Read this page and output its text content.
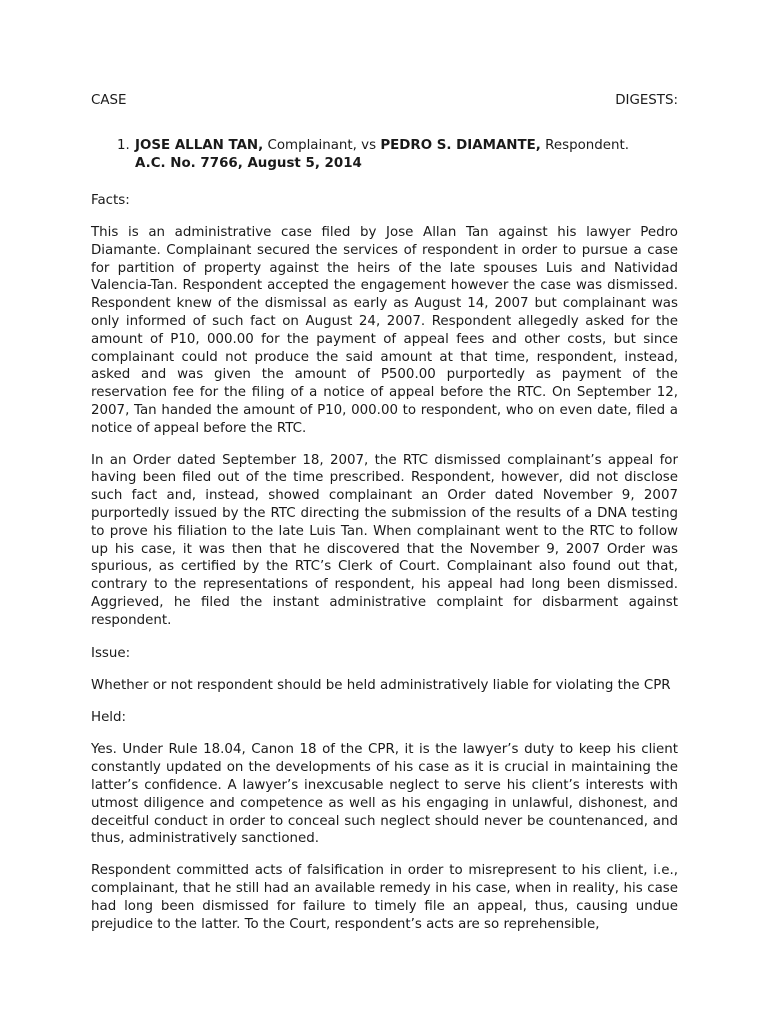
CASE	DIGESTS:
1. JOSE ALLAN TAN, Complainant, vs PEDRO S. DIAMANTE, Respondent.
A.C. No. 7766, August 5, 2014

Facts:

This is an administrative case filed by Jose Allan Tan against his lawyer Pedro Diamante. Complainant secured the services of respondent in order to pursue a case for partition of property against the heirs of the late spouses Luis and Natividad Valencia-Tan. Respondent accepted the engagement however the case was dismissed. Respondent knew of the dismissal as early as August 14, 2007 but complainant was only informed of such fact on August 24, 2007. Respondent allegedly asked for the amount of P10, 000.00 for the payment of appeal fees and other costs, but since complainant could not produce the said amount at that time, respondent, instead, asked and was given the amount of P500.00 purportedly as payment of the reservation fee for the filing of a notice of appeal before the RTC. On September 12, 2007, Tan handed the amount of P10, 000.00 to respondent, who on even date, filed a notice of appeal before the RTC.

In an Order dated September 18, 2007, the RTC dismissed complainant’s appeal for having been filed out of the time prescribed. Respondent, however, did not disclose such fact and, instead, showed complainant an Order dated November 9, 2007 purportedly issued by the RTC directing the submission of the results of a DNA testing to prove his filiation to the late Luis Tan. When complainant went to the RTC to follow up his case, it was then that he discovered that the November 9, 2007 Order was spurious, as certified by the RTC’s Clerk of Court. Complainant also found out that, contrary to the representations of respondent, his appeal had long been dismissed. Aggrieved, he filed the instant administrative complaint for disbarment against respondent.

Issue:

Whether or not respondent should be held administratively liable for violating the CPR

Held:

Yes. Under Rule 18.04, Canon 18 of the CPR, it is the lawyer’s duty to keep his client constantly updated on the developments of his case as it is crucial in maintaining the latter’s confidence. A lawyer’s inexcusable neglect to serve his client’s interests with utmost diligence and competence as well as his engaging in unlawful, dishonest, and deceitful conduct in order to conceal such neglect should never be countenanced, and thus, administratively sanctioned.

Respondent committed acts of falsification in order to misrepresent to his client, i.e., complainant, that he still had an available remedy in his case, when in reality, his case had long been dismissed for failure to timely file an appeal, thus, causing undue prejudice to the latter. To the Court, respondent’s acts are so reprehensible,
